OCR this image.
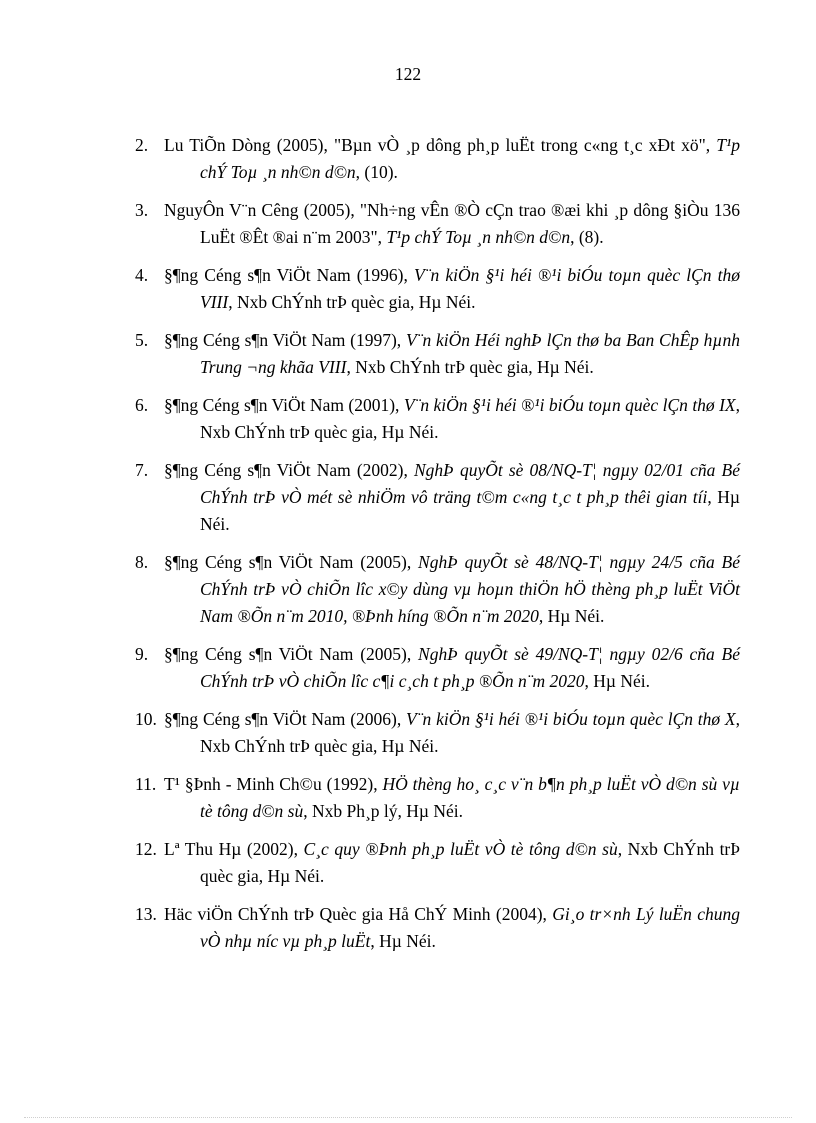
122
2. Lu TiÕn Dòng (2005), "Bµn vÒ ¸p dông ph¸p luËt trong c«ng t¸c xÐt xö", T¹p chÝ Toµ ¸n nh©n d©n, (10).
3. NguyÔn V¨n Cêng (2005), "Nh÷ng vÊn ®Ò cÇn trao ®æi khi ¸p dông §iÒu 136 LuËt ®Êt ®ai n¨m 2003", T¹p chÝ Toµ ¸n nh©n d©n, (8).
4. §¶ng Céng s¶n ViÖt Nam (1996), V¨n kiÖn §¹i héi ®¹i biÓu toµn quèc lÇn thø VIII, Nxb ChÝnh trÞ quèc gia, Hµ Néi.
5. §¶ng Céng s¶n ViÖt Nam (1997), V¨n kiÖn Héi nghÞ lÇn thø ba Ban ChÊp hµnh Trung ¬ng khãa VIII, Nxb ChÝnh trÞ quèc gia, Hµ Néi.
6. §¶ng Céng s¶n ViÖt Nam (2001), V¨n kiÖn §¹i héi ®¹i biÓu toµn quèc lÇn thø IX, Nxb ChÝnh trÞ quèc gia, Hµ Néi.
7. §¶ng Céng s¶n ViÖt Nam (2002), NghÞ quyÕt sè 08/NQ-T¦ ngµy 02/01 cña Bé ChÝnh trÞ vÒ mét sè nhiÖm vô träng t©m c«ng t¸c t ph¸p thêi gian tíi, Hµ Néi.
8. §¶ng Céng s¶n ViÖt Nam (2005), NghÞ quyÕt sè 48/NQ-T¦ ngµy 24/5 cña Bé ChÝnh trÞ vÒ chiÕn lîc x©y dùng vµ hoµn thiÖn hÖ thèng ph¸p luËt ViÖt Nam ®Õn n¨m 2010, ®Þnh híng ®Õn n¨m 2020, Hµ Néi.
9. §¶ng Céng s¶n ViÖt Nam (2005), NghÞ quyÕt sè 49/NQ-T¦ ngµy 02/6 cña Bé ChÝnh trÞ vÒ chiÕn lîc c¶i c¸ch t ph¸p ®Õn n¨m 2020, Hµ Néi.
10. §¶ng Céng s¶n ViÖt Nam (2006), V¨n kiÖn §¹i héi ®¹i biÓu toµn quèc lÇn thø X, Nxb ChÝnh trÞ quèc gia, Hµ Néi.
11. T¹ §Þnh - Minh Ch©u (1992), HÖ thèng ho¸ c¸c v¨n b¶n ph¸p luËt vÒ d©n sù vµ tè tông d©n sù, Nxb Ph¸p lý, Hµ Néi.
12. Lª Thu Hµ (2002), C¸c quy ®Þnh ph¸p luËt vÒ tè tông d©n sù, Nxb ChÝnh trÞ quèc gia, Hµ Néi.
13. Häc viÖn ChÝnh trÞ Quèc gia Hå ChÝ Minh (2004), Gi¸o tr×nh Lý luËn chung vÒ nhµ níc vµ ph¸p luËt, Hµ Néi.
